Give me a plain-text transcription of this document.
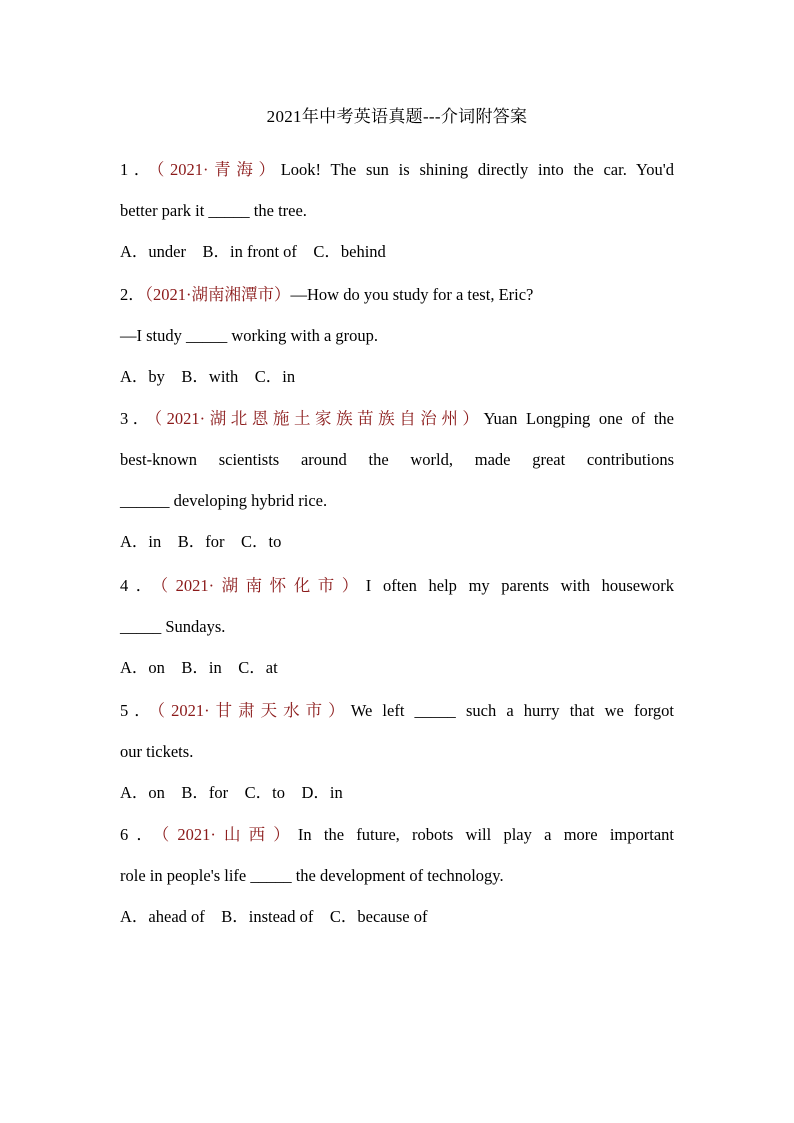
2021年中考英语真题---介词附答案
1．（2021·青海）Look! The sun is shining directly into the car. You'd
better park it _____ the tree.
A．under    B．in front of    C．behind
2．（2021·湖南湘潭市）—How do you study for a test, Eric?
—I study _____ working with a group.
A．by    B．with    C．in
3．（2021·湖北恩施土家族苗族自治州）Yuan Longping one of the
best-known scientists around the world, made great contributions
______ developing hybrid rice.
A．in    B．for    C．to
4．（2021·湖南怀化市）I often help my parents with housework
_____ Sundays.
A．on    B．in    C．at
5．（2021·甘肃天水市）We left _____ such a hurry that we forgot
our tickets.
A．on    B．for    C．to    D．in
6．（2021·山西）In the future, robots will play a more important
role in people's life _____ the development of technology.
A．ahead of    B．instead of    C．because of
